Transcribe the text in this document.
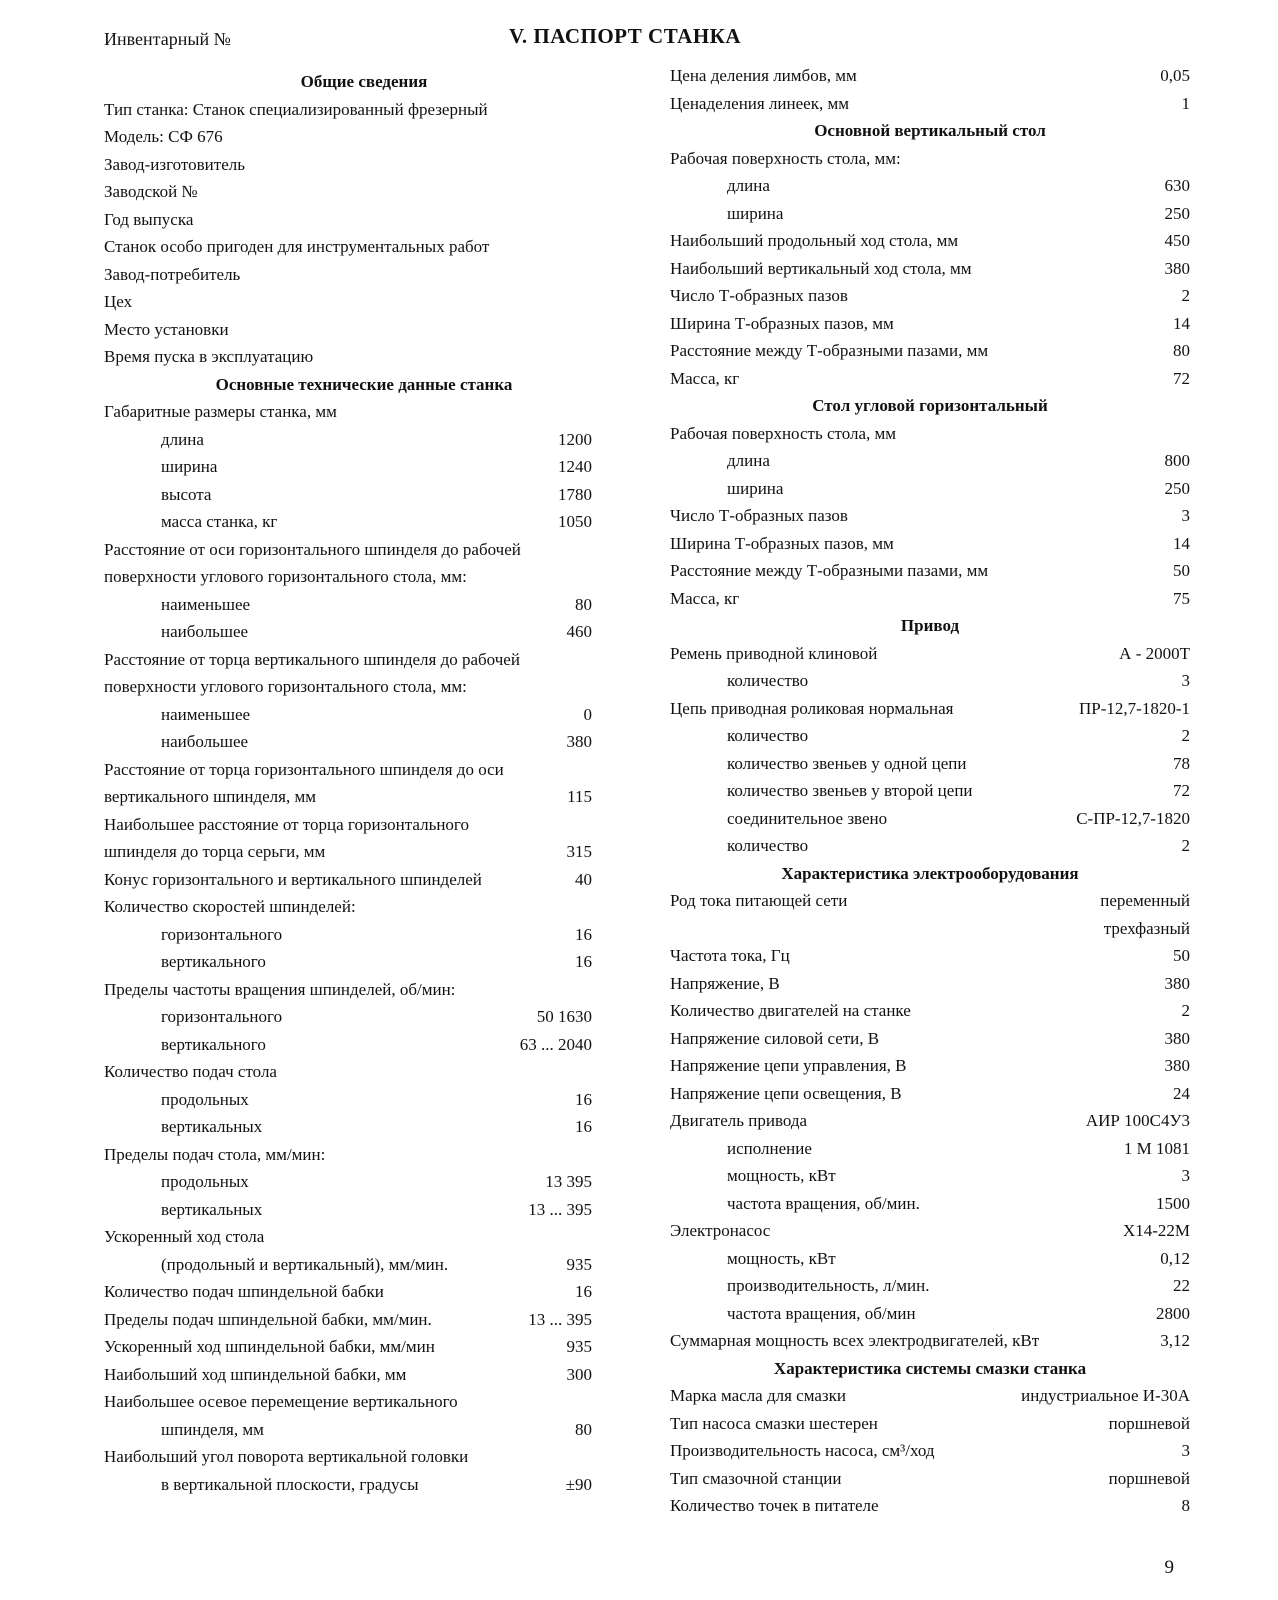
Инвентарный №	V. ПАСПОРТ СТАНКА
Общие сведения
Тип станка: Станок специализированный фрезерный
Модель: СФ 676
Завод-изготовитель
Заводской №
Год выпуска
Станок особо пригоден для инструментальных работ
Завод-потребитель
Цех
Место установки
Время пуска в эксплуатацию
Основные технические данные станка
Габаритные размеры станка, мм
длина	1200
ширина	1240
высота	1780
масса станка, кг	1050
Расстояние от оси горизонтального шпинделя до рабочей
поверхности углового горизонтального стола, мм:
наименьшее	80
наибольшее	460
Расстояние от торца вертикального шпинделя до рабочей
поверхности углового горизонтального стола, мм:
наименьшее	0
наибольшее	380
Расстояние от торца горизонтального шпинделя до оси
вертикального шпинделя, мм	115
Наибольшее расстояние от торца горизонтального
шпинделя до торца серьги, мм	315
Конус горизонтального и вертикального шпинделей	40
Количество скоростей шпинделей:
горизонтального	16
вертикального	16
Пределы частоты вращения шпинделей, об/мин:
горизонтального	50 1630
вертикального	63 ... 2040
Количество подач стола
продольных	16
вертикальных	16
Пределы подач стола, мм/мин:
продольных	13 395
вертикальных	13 ... 395
Ускоренный ход стола
(продольный и вертикальный), мм/мин.	935
Количество подач шпиндельной бабки	16
Пределы подач шпиндельной бабки, мм/мин.	13 ... 395
Ускоренный ход шпиндельной бабки, мм/мин	935
Наибольший ход шпиндельной бабки, мм	300
Наибольшее осевое перемещение вертикального
шпинделя, мм	80
Наибольший угол поворота вертикальной головки
в вертикальной плоскости, градусы	±90
Цена деления лимбов, мм	0,05
Ценаделения линеек, мм	1
Основной вертикальный стол
Рабочая поверхность стола, мм:
длина	630
ширина	250
Наибольший продольный ход стола, мм	450
Наибольший вертикальный ход стола, мм	380
Число Т-образных пазов	2
Ширина Т-образных пазов, мм	14
Расстояние между Т-образными пазами, мм	80
Масса, кг	72
Стол угловой горизонтальный
Рабочая поверхность стола, мм
длина	800
ширина	250
Число Т-образных пазов	3
Ширина Т-образных пазов, мм	14
Расстояние между Т-образными пазами, мм	50
Масса, кг	75
Привод
Ремень приводной клиновой	А - 2000Т
количество	3
Цепь приводная роликовая нормальная	ПР-12,7-1820-1
количество	2
количество звеньев у одной цепи	78
количество звеньев у второй цепи	72
соединительное звено	С-ПР-12,7-1820
количество	2
Характеристика электрооборудования
Род тока питающей сети	переменный
трехфазный
Частота тока, Гц	50
Напряжение, В	380
Количество двигателей на станке	2
Напряжение силовой сети, В	380
Напряжение цепи управления, В	380
Напряжение цепи освещения, В	24
Двигатель привода	АИР 100С4У3
исполнение	1 М 1081
мощность, кВт	3
частота вращения, об/мин.	1500
Электронасос	Х14-22М
мощность, кВт	0,12
производительность, л/мин.	22
частота вращения, об/мин	2800
Суммарная мощность всех электродвигателей, кВт	3,12
Характеристика системы смазки станка
Марка масла для смазки	индустриальное И-30А
Тип насоса смазки шестерен	поршневой
Производительность насоса, см³/ход	3
Тип смазочной станции	поршневой
Количество точек в питателе	8
9
